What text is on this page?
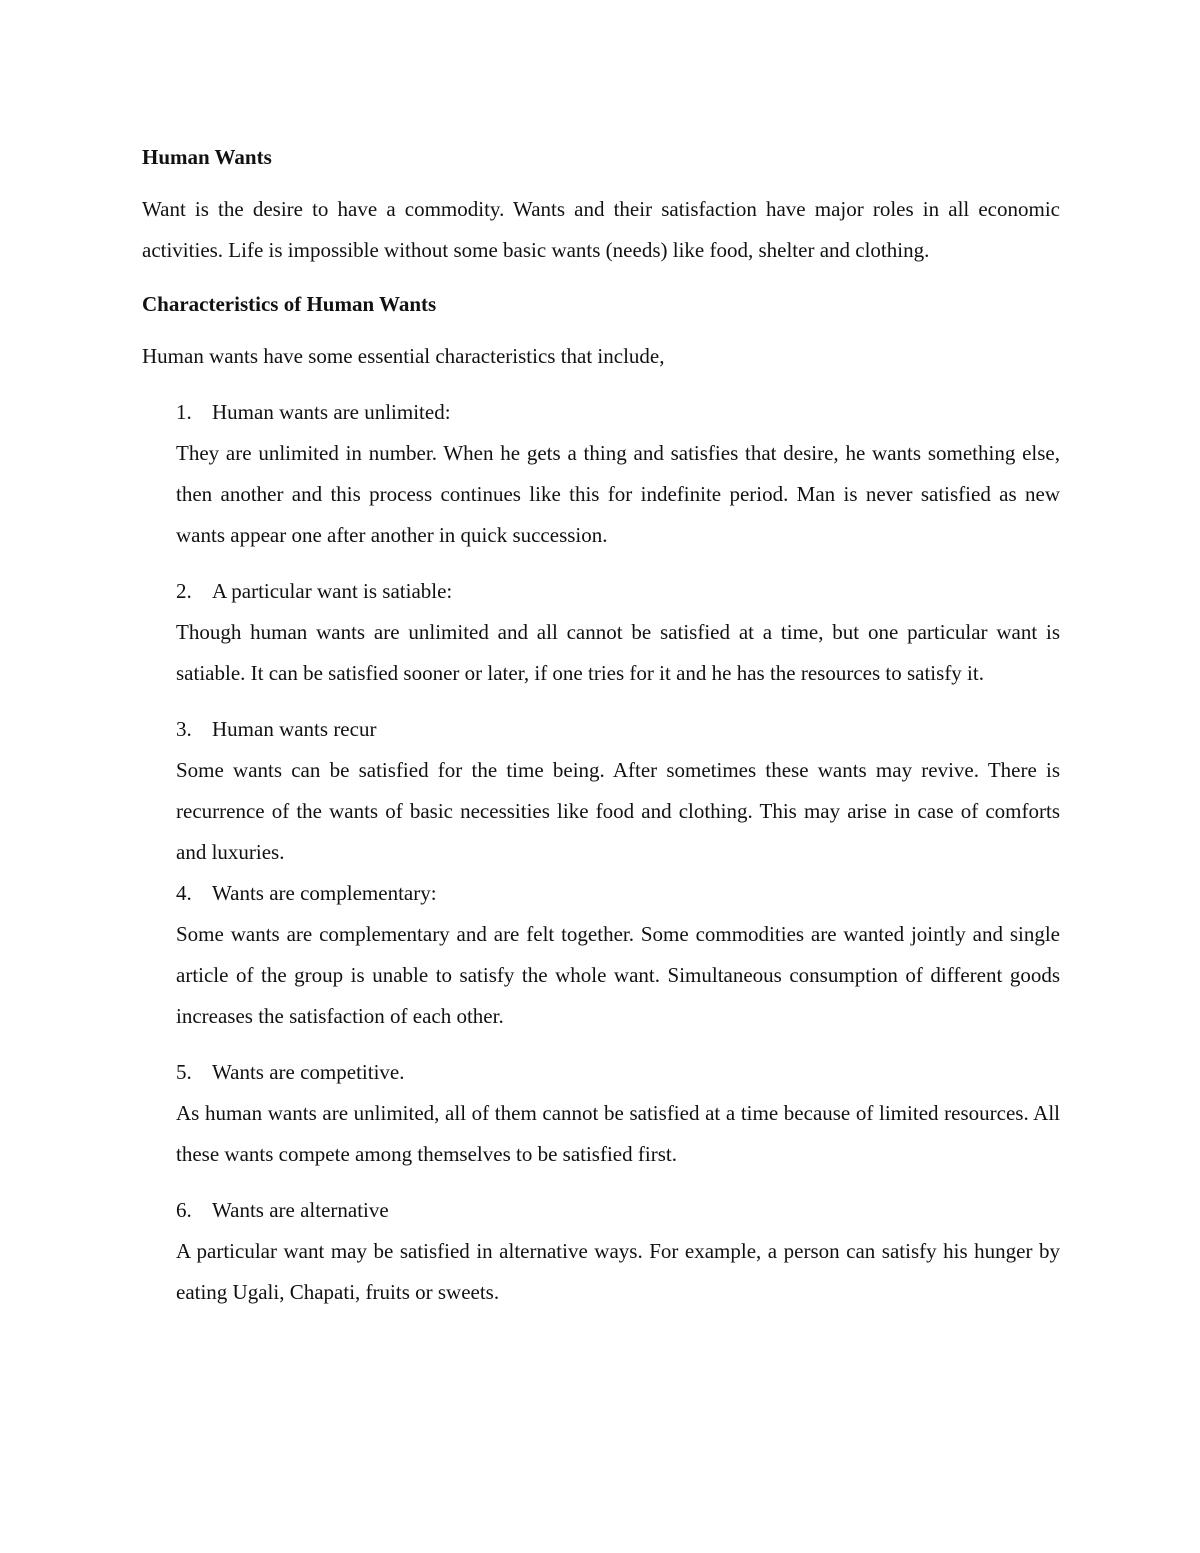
Human Wants

Want is the desire to have a commodity. Wants and their satisfaction have major roles in all economic activities. Life is impossible without some basic wants (needs) like food, shelter and clothing.

Characteristics of Human Wants

Human wants have some essential characteristics that include,

1. Human wants are unlimited:

They are unlimited in number. When he gets a thing and satisfies that desire, he wants something else, then another and this process continues like this for indefinite period. Man is never satisfied as new wants appear one after another in quick succession.

2. A particular want is satiable:

Though human wants are unlimited and all cannot be satisfied at a time, but one particular want is satiable. It can be satisfied sooner or later, if one tries for it and he has the resources to satisfy it.

3. Human wants recur

Some wants can be satisfied for the time being. After sometimes these wants may revive. There is recurrence of the wants of basic necessities like food and clothing. This may arise in case of comforts and luxuries.

4. Wants are complementary:

Some wants are complementary and are felt together. Some commodities are wanted jointly and single article of the group is unable to satisfy the whole want. Simultaneous consumption of different goods increases the satisfaction of each other.

5. Wants are competitive.

As human wants are unlimited, all of them cannot be satisfied at a time because of limited resources. All these wants compete among themselves to be satisfied first.

6. Wants are alternative

A particular want may be satisfied in alternative ways. For example, a person can satisfy his hunger by eating Ugali, Chapati, fruits or sweets.
